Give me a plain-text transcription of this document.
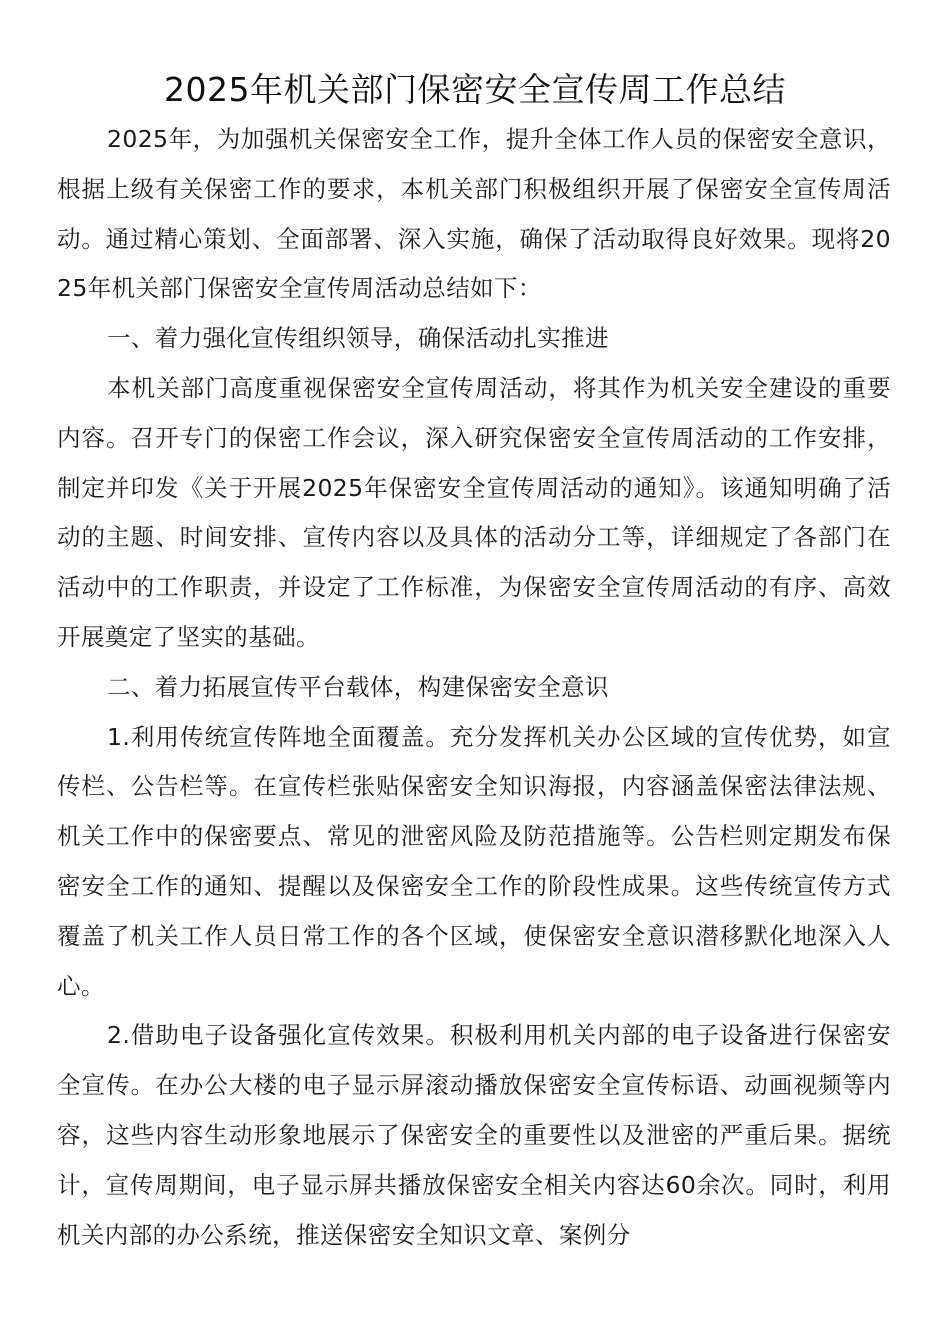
2025年机关部门保密安全宣传周工作总结

2025年，为加强机关保密安全工作，提升全体工作人员的保密安全意识，根据上级有关保密工作的要求，本机关部门积极组织开展了保密安全宣传周活动。通过精心策划、全面部署、深入实施，确保了活动取得良好效果。现将2025年机关部门保密安全宣传周活动总结如下：

一、着力强化宣传组织领导，确保活动扎实推进

本机关部门高度重视保密安全宣传周活动，将其作为机关安全建设的重要内容。召开专门的保密工作会议，深入研究保密安全宣传周活动的工作安排，制定并印发《关于开展2025年保密安全宣传周活动的通知》。该通知明确了活动的主题、时间安排、宣传内容以及具体的活动分工等，详细规定了各部门在活动中的工作职责，并设定了工作标准，为保密安全宣传周活动的有序、高效开展奠定了坚实的基础。

二、着力拓展宣传平台载体，构建保密安全意识

1.利用传统宣传阵地全面覆盖。充分发挥机关办公区域的宣传优势，如宣传栏、公告栏等。在宣传栏张贴保密安全知识海报，内容涵盖保密法律法规、机关工作中的保密要点、常见的泄密风险及防范措施等。公告栏则定期发布保密安全工作的通知、提醒以及保密安全工作的阶段性成果。这些传统宣传方式覆盖了机关工作人员日常工作的各个区域，使保密安全意识潜移默化地深入人心。

2.借助电子设备强化宣传效果。积极利用机关内部的电子设备进行保密安全宣传。在办公大楼的电子显示屏滚动播放保密安全宣传标语、动画视频等内容，这些内容生动形象地展示了保密安全的重要性以及泄密的严重后果。据统计，宣传周期间，电子显示屏共播放保密安全相关内容达60余次。同时，利用机关内部的办公系统，推送保密安全知识文章、案例分
